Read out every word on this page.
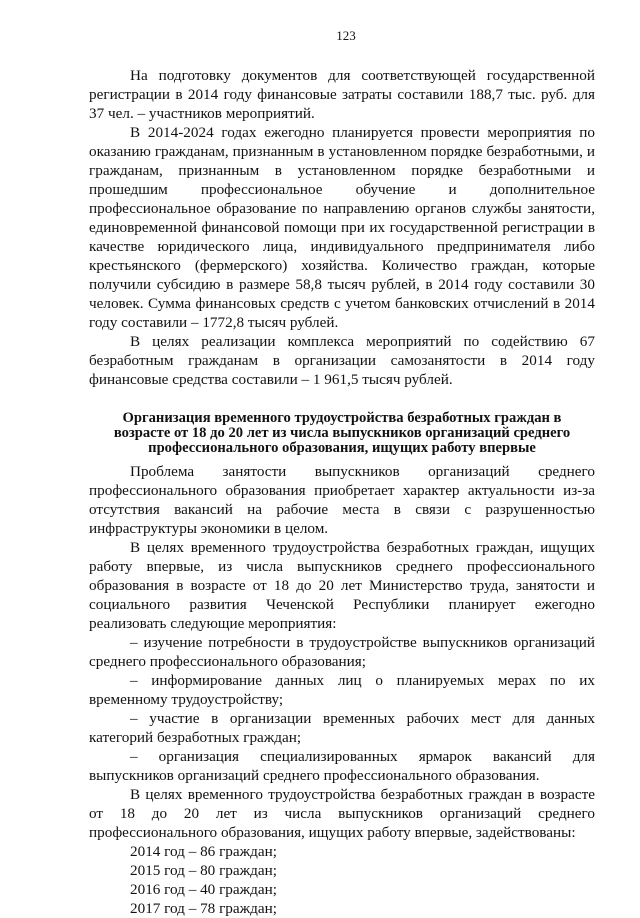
123

На подготовку документов для соответствующей государственной регистрации в 2014 году финансовые затраты составили 188,7 тыс. руб. для 37 чел. – участников мероприятий.

В 2014-2024 годах ежегодно планируется провести мероприятия по оказанию гражданам, признанным в установленном порядке безработными, и гражданам, признанным в установленном порядке безработными и прошедшим профессиональное обучение и дополнительное профессиональное образование по направлению органов службы занятости, единовременной финансовой помощи при их государственной регистрации в качестве юридического лица, индивидуального предпринимателя либо крестьянского (фермерского) хозяйства. Количество граждан, которые получили субсидию в размере 58,8 тысяч рублей, в 2014 году составили 30 человек. Сумма финансовых средств с учетом банковских отчислений в 2014 году составили – 1772,8 тысяч рублей.

В целях реализации комплекса мероприятий по содействию 67 безработным гражданам в организации самозанятости в 2014 году финансовые средства составили – 1 961,5 тысяч рублей.

Организация временного трудоустройства безработных граждан в
возрасте от 18 до 20 лет из числа выпускников организаций среднего
профессионального образования, ищущих работу впервые

Проблема занятости выпускников организаций среднего профессионального образования приобретает характер актуальности из-за отсутствия вакансий на рабочие места в связи с разрушенностью инфраструктуры экономики в целом.

В целях временного трудоустройства безработных граждан, ищущих работу впервые, из числа выпускников среднего профессионального образования в возрасте от 18 до 20 лет Министерство труда, занятости и социального развития Чеченской Республики планирует ежегодно реализовать следующие мероприятия:

– изучение потребности в трудоустройстве выпускников организаций среднего профессионального образования;

– информирование данных лиц о планируемых мерах по их временному трудоустройству;

– участие в организации временных рабочих мест для данных категорий безработных граждан;

– организация специализированных ярмарок вакансий для выпускников организаций среднего профессионального образования.

В целях временного трудоустройства безработных граждан в возрасте от 18 до 20 лет из числа выпускников организаций среднего профессионального образования, ищущих работу впервые, задействованы:

2014 год – 86 граждан;

2015 год – 80 граждан;

2016 год – 40 граждан;

2017 год – 78 граждан;
